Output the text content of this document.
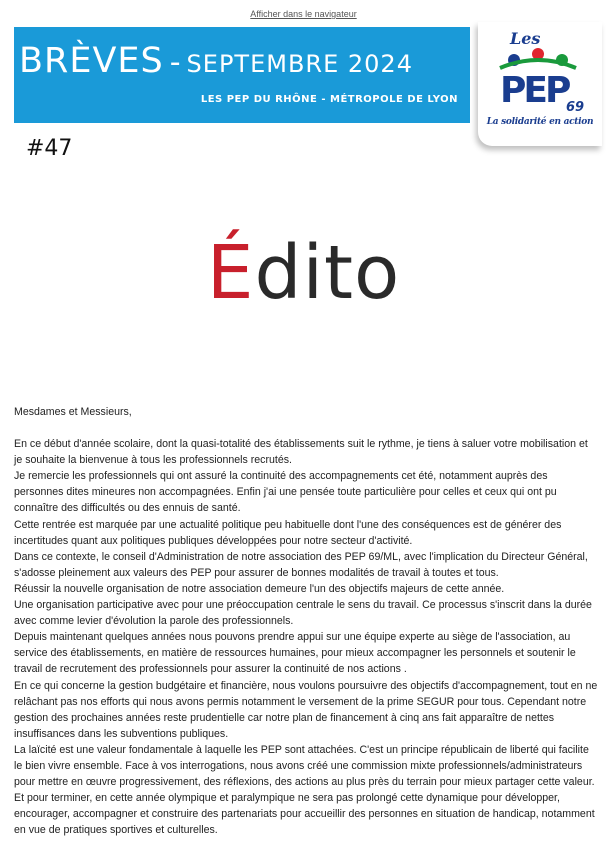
Afficher dans le navigateur
BRÈVES - SEPTEMBRE 2024
LES PEP DU RHÔNE - MÉTROPOLE DE LYON
Les
PEP
69
La solidarité en action
#47
Édito

Mesdames et Messieurs,

En ce début d'année scolaire, dont la quasi-totalité des établissements suit le rythme, je tiens à saluer votre mobilisation et je souhaite la bienvenue à tous les professionnels recrutés.

Je remercie les professionnels qui ont assuré la continuité des accompagnements cet été, notamment auprès des personnes dites mineures non accompagnées. Enfin j'ai une pensée toute particulière pour celles et ceux qui ont pu connaître des difficultés ou des ennuis de santé.

Cette rentrée est marquée par une actualité politique peu habituelle dont l'une des conséquences est de générer des incertitudes quant aux politiques publiques développées pour notre secteur d'activité.

Dans ce contexte, le conseil d'Administration de notre association des PEP 69/ML, avec l'implication du Directeur Général, s'adosse pleinement aux valeurs des PEP pour assurer de bonnes modalités de travail à toutes et tous.

Réussir la nouvelle organisation de notre association demeure l'un des objectifs majeurs de cette année.

Une organisation participative avec pour une préoccupation centrale le sens du travail. Ce processus s'inscrit dans la durée avec comme levier d'évolution la parole des professionnels.

Depuis maintenant quelques années nous pouvons prendre appui sur une équipe experte au siège de l'association, au service des établissements, en matière de ressources humaines, pour mieux accompagner les personnels et soutenir le travail de recrutement des professionnels pour assurer la continuité de nos actions .

En ce qui concerne la gestion budgétaire et financière, nous voulons poursuivre des objectifs d'accompagnement, tout en ne relâchant pas nos efforts qui nous avons permis notamment le versement de la prime SEGUR pour tous. Cependant notre gestion des prochaines années reste prudentielle car notre plan de financement à cinq ans fait apparaître de nettes insuffisances dans les subventions publiques.

La laïcité est une valeur fondamentale à laquelle les PEP sont attachées. C'est un principe républicain de liberté qui facilite le bien vivre ensemble. Face à vos interrogations, nous avons créé une commission mixte professionnels/administrateurs pour mettre en œuvre progressivement, des réflexions, des actions au plus près du terrain pour mieux partager cette valeur.

Et pour terminer, en cette année olympique et paralympique ne sera pas prolongé cette dynamique pour développer, encourager, accompagner et construire des partenariats pour accueillir des personnes en situation de handicap, notamment en vue de pratiques sportives et culturelles.
